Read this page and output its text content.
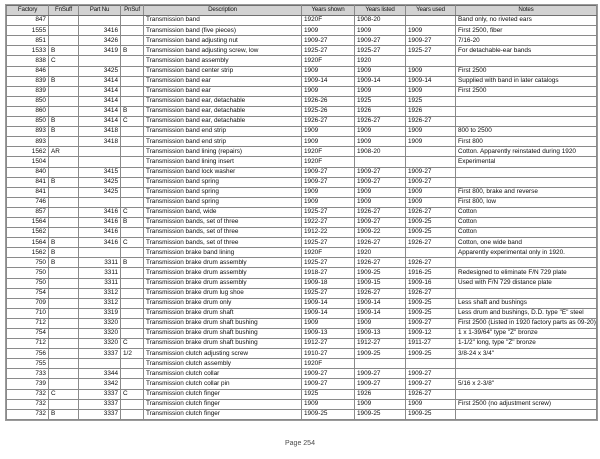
Factory	FnSuff	Part Nu	PnSuf	Description	Years shown	Years listed	Years used	Notes
847				Transmission band	1920F	1908-20		Band only, no riveted ears
1555		3416		Transmission band (five pieces)	1909	1909	1909	First 2500, fiber
851		3426		Transmission band adjusting nut	1909-27	1909-27	1909-27	7/16-20
1533	B	3419	B	Transmission band adjusting screw, low	1925-27	1925-27	1925-27	For detachable-ear bands
838	C			Transmission band assembly	1920F	1920		
846		3425		Transmission band center strip	1909	1909	1909	First 2500
839	B	3414		Transmission band ear	1909-14	1909-14	1909-14	Supplied with band in later catalogs
839		3414		Transmission band ear	1909	1909	1909	First 2500
850		3414		Transmission band ear, detachable	1926-26	1925	1925	
860		3414	B	Transmission band ear, detachable	1925-26	1926	1926	
850	B	3414	C	Transmission band ear, detachable	1926-27	1926-27	1926-27	
893	B	3418		Transmission band end strip	1909	1909	1909	800 to 2500
893		3418		Transmission band end strip	1909	1909	1909	First 800
1562	AR			Transmission band lining (repairs)	1920F	1908-20		Cotton. Apparently reinstated during 1920
1504				Transmission band lining insert	1920F			Experimental
840		3415		Transmission band lock washer	1909-27	1909-27	1909-27	
841	B	3425		Transmission band spring	1909-27	1909-27	1909-27	
841		3425		Transmission band spring	1909	1909	1909	First 800, brake and reverse
746				Transmission band spring	1909	1909	1909	First 800, low
857		3416	C	Transmission band, wide	1925-27	1926-27	1926-27	Cotton
1564		3416	B	Transmission bands, set of three	1922-27	1909-27	1909-25	Cotton
1562		3416		Transmission bands, set of three	1912-22	1909-22	1909-25	Cotton
1564	B	3416	C	Transmission bands, set of three	1925-27	1926-27	1926-27	Cotton, one wide band
1562	B			Transmission brake band lining	1920F	1920		Apparently experimental only in 1920.
750	B	3311	B	Transmission brake drum assembly	1925-27	1926-27	1926-27	
750		3311		Transmission brake drum assembly	1918-27	1909-25	1916-25	Redesigned to eliminate F/N 729 plate
750		3311		Transmission brake drum assembly	1909-18	1909-15	1909-16	Used with F/N 729 distance plate
754		3312		Transmission brake drum lug shoe	1925-27	1926-27	1926-27	
709		3312		Transmission brake drum only	1909-14	1909-14	1909-25	Less shaft and bushings
710		3319		Transmission brake drum shaft	1909-14	1909-14	1909-25	Less drum and bushings, D.D. type "E" steel
712		3320		Transmission brake drum shaft bushing	1909	1909	1909-27	First 2500 (Listed in 1920 factory parts as 09-20)
754		3320		Transmission brake drum shaft bushing	1909-13	1909-13	1909-12	1 x 1-39/64" type "Z" bronze
712		3320	C	Transmission brake drum shaft bushing	1912-27	1912-27	1911-27	1-1/2" long, type "Z" bronze
756		3337	1/2	Transmission clutch adjusting screw	1910-27	1909-25	1909-25	3/8-24 x 3/4"
755				Transmission clutch assembly	1920F			
733		3344		Transmission clutch collar	1909-27	1909-27	1909-27	
739		3342		Transmission clutch collar pin	1909-27	1909-27	1909-27	5/16 x 2-3/8"
732	C	3337	C	Transmission clutch finger	1925	1926	1926-27	
732		3337		Transmission clutch finger	1909	1909	1909	First 2500 (no adjustment screw)
732	B	3337		Transmission clutch finger	1909-25	1909-25	1909-25	
Page 254
